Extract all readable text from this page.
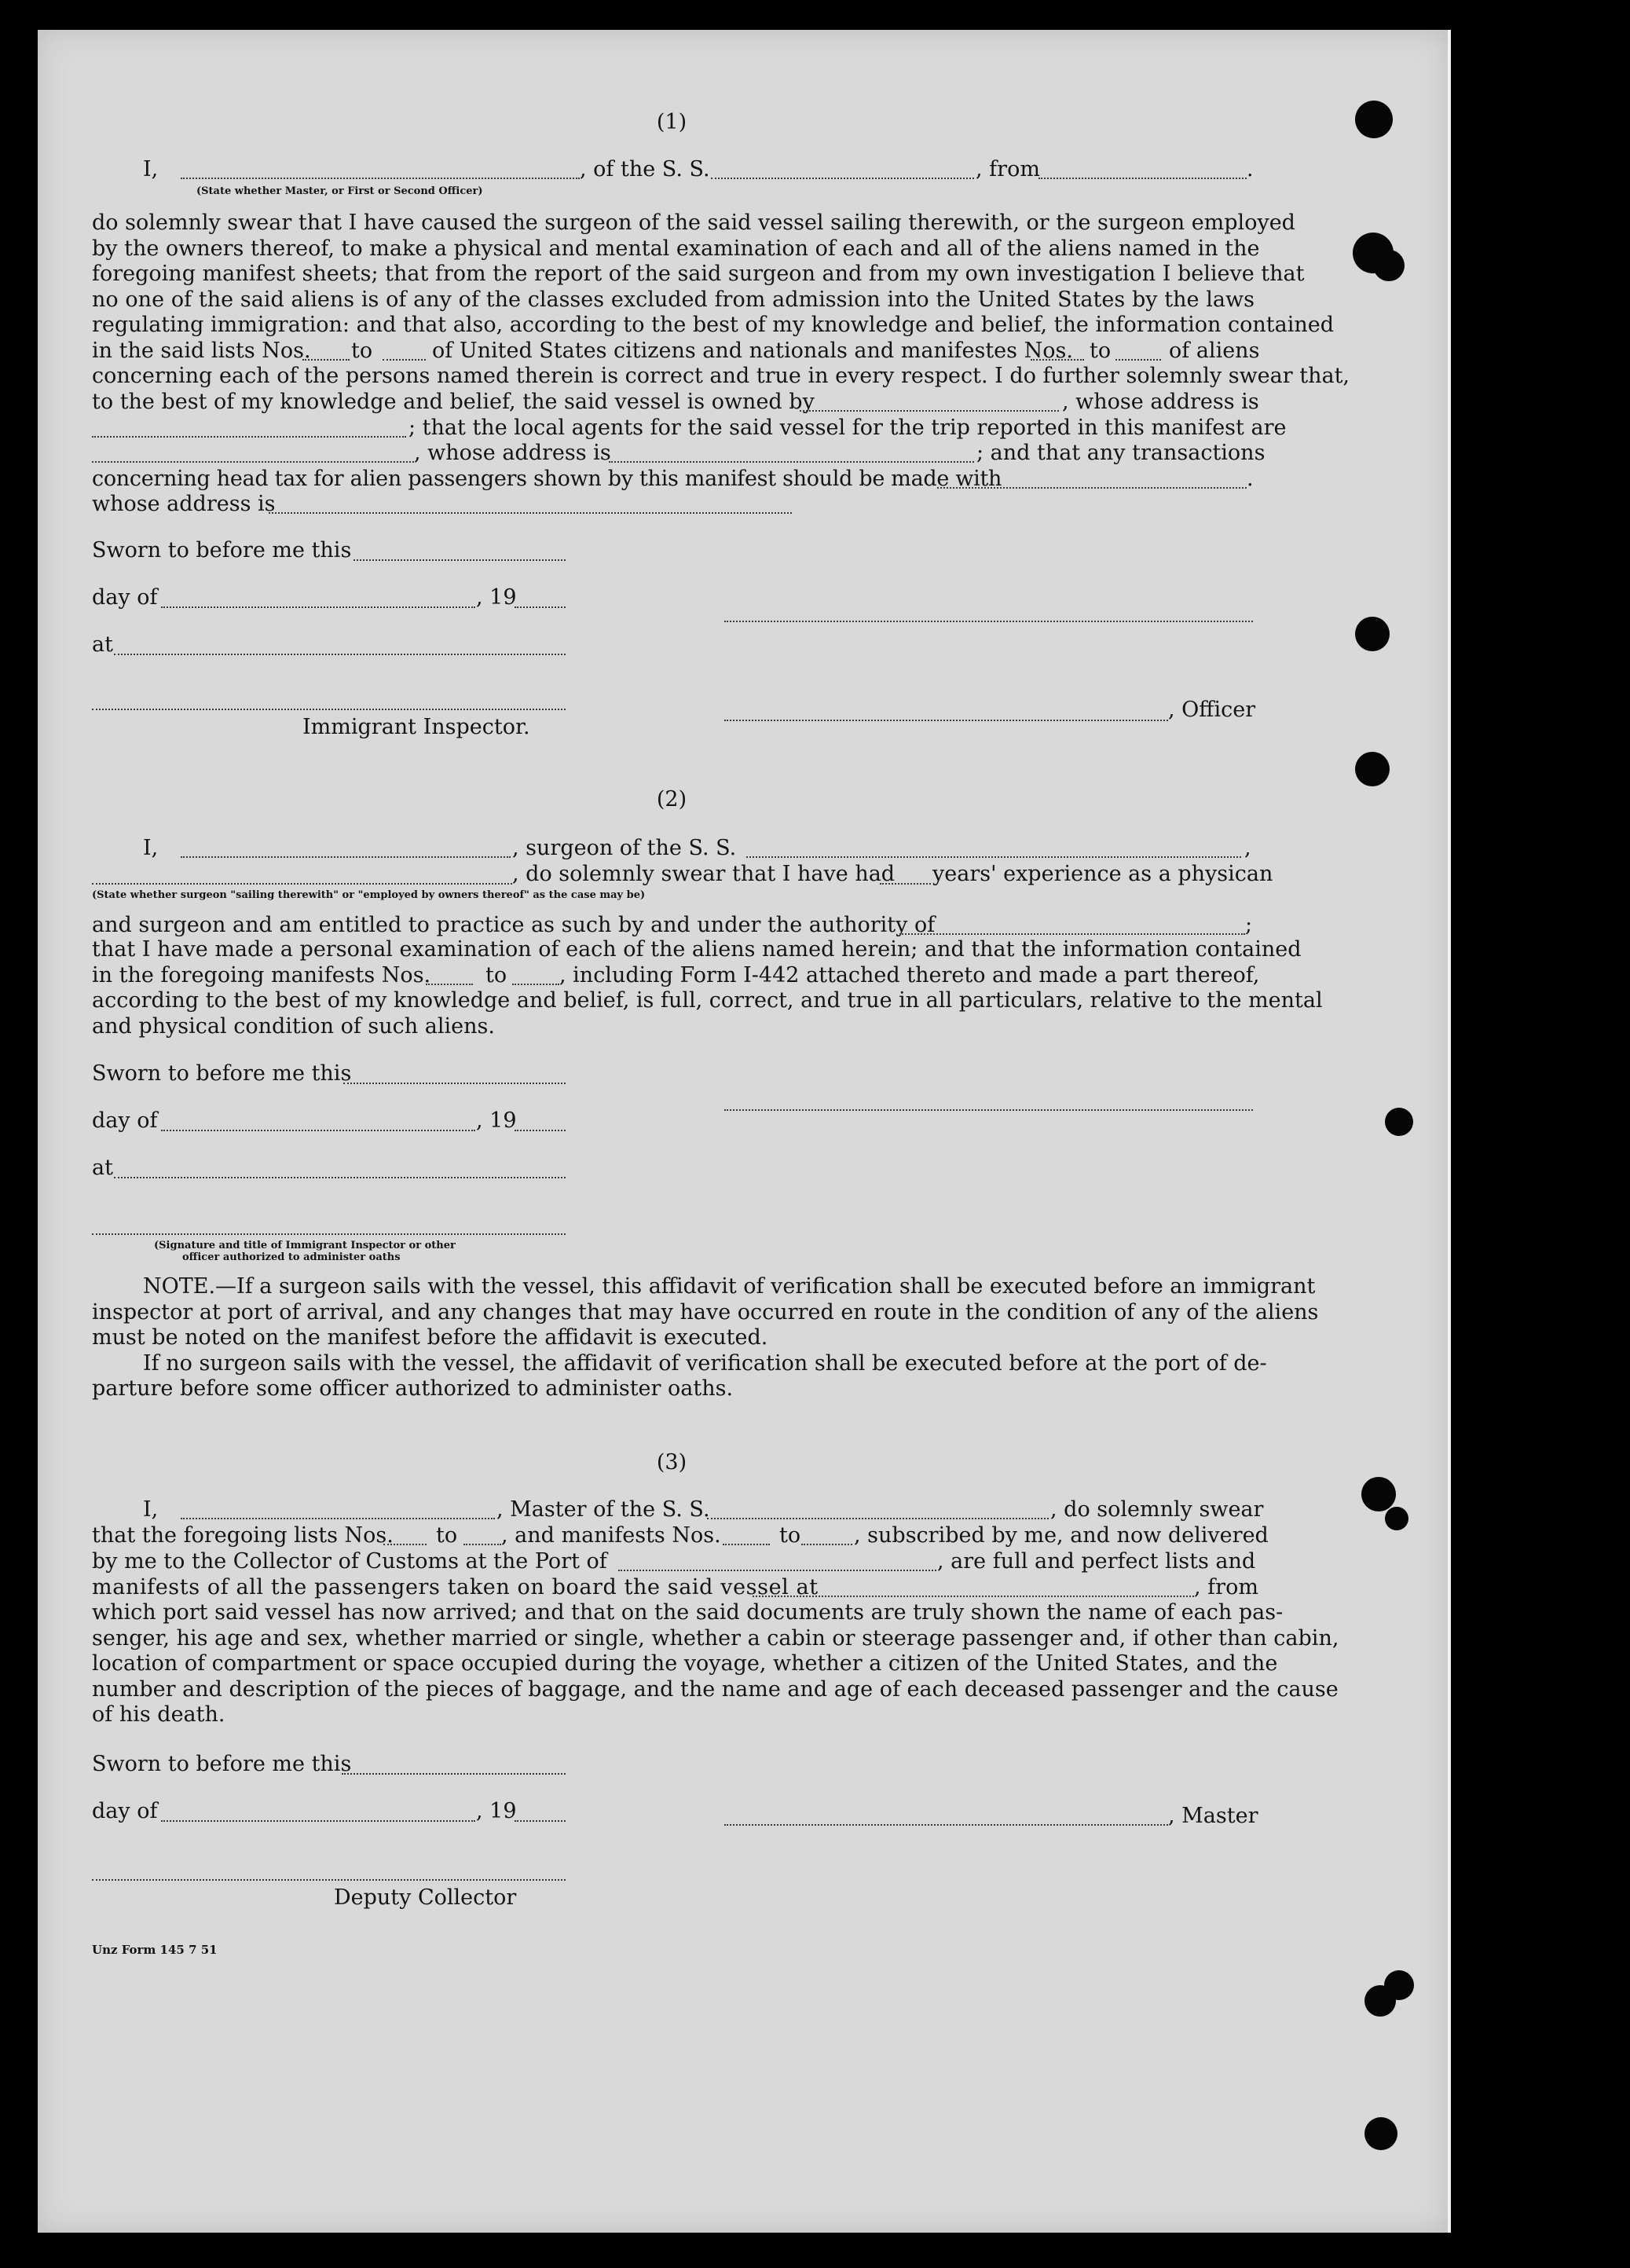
(1)
I,	, of the S. S.	, from	.
(State whether Master, or First or Second Officer)
do solemnly swear that I have caused the surgeon of the said vessel sailing therewith, or the surgeon employed
by the owners thereof, to make a physical and mental examination of each and all of the aliens named in the
foregoing manifest sheets; that from the report of the said surgeon and from my own investigation I believe that
no one of the said aliens is of any of the classes excluded from admission into the United States by the laws
regulating immigration: and that also, according to the best of my knowledge and belief, the information contained
in the said lists Nos. to	of United States citizens and nationals and manifestes Nos. to	of aliens
concerning each of the persons named therein is correct and true in every respect. I do further solemnly swear that,
to the best of my knowledge and belief, the said vessel is owned by	, whose address is
; that the local agents for the said vessel for the trip reported in this manifest are
, whose address is	; and that any transactions
concerning head tax for alien passengers shown by this manifest should be made with	.
whose address is
Sworn to before me this
day of	, 19
at
, Officer
Immigrant Inspector.
(2)
I,	, surgeon of the S. S.	,
, do solemnly swear that I have had years' experience as a physican
(State whether surgeon "sailing therewith" or "employed by owners thereof" as the case may be)
and surgeon and am entitled to practice as such by and under the authority of	;
that I have made a personal examination of each of the aliens named herein; and that the information contained
in the foregoing manifests Nos.	to , including Form I-442 attached thereto and made a part thereof,
according to the best of my knowledge and belief, is full, correct, and true in all particulars, relative to the mental
and physical condition of such aliens.
Sworn to before me this
day of	, 19
at
(Signature and title of Immigrant Inspector or other
officer authorized to administer oaths
NOTE.—If a surgeon sails with the vessel, this affidavit of verification shall be executed before an immigrant
inspector at port of arrival, and any changes that may have occurred en route in the condition of any of the aliens
must be noted on the manifest before the affidavit is executed.
If no surgeon sails with the vessel, the affidavit of verification shall be executed before at the port of de-
parture before some officer authorized to administer oaths.
(3)
I,	, Master of the S. S.	, do solemnly swear
that the foregoing lists Nos. to , and manifests Nos.	to	, subscribed by me, and now delivered
by me to the Collector of Customs at the Port of	, are full and perfect lists and
manifests of all the passengers taken on board the said vessel at	, from
which port said vessel has now arrived; and that on the said documents are truly shown the name of each pas-
senger, his age and sex, whether married or single, whether a cabin or steerage passenger and, if other than cabin,
location of compartment or space occupied during the voyage, whether a citizen of the United States, and the
number and description of the pieces of baggage, and the name and age of each deceased passenger and the cause
of his death.
Sworn to before me this
day of	, 19	, Master
Deputy Collector
Unz Form 145 7 51
